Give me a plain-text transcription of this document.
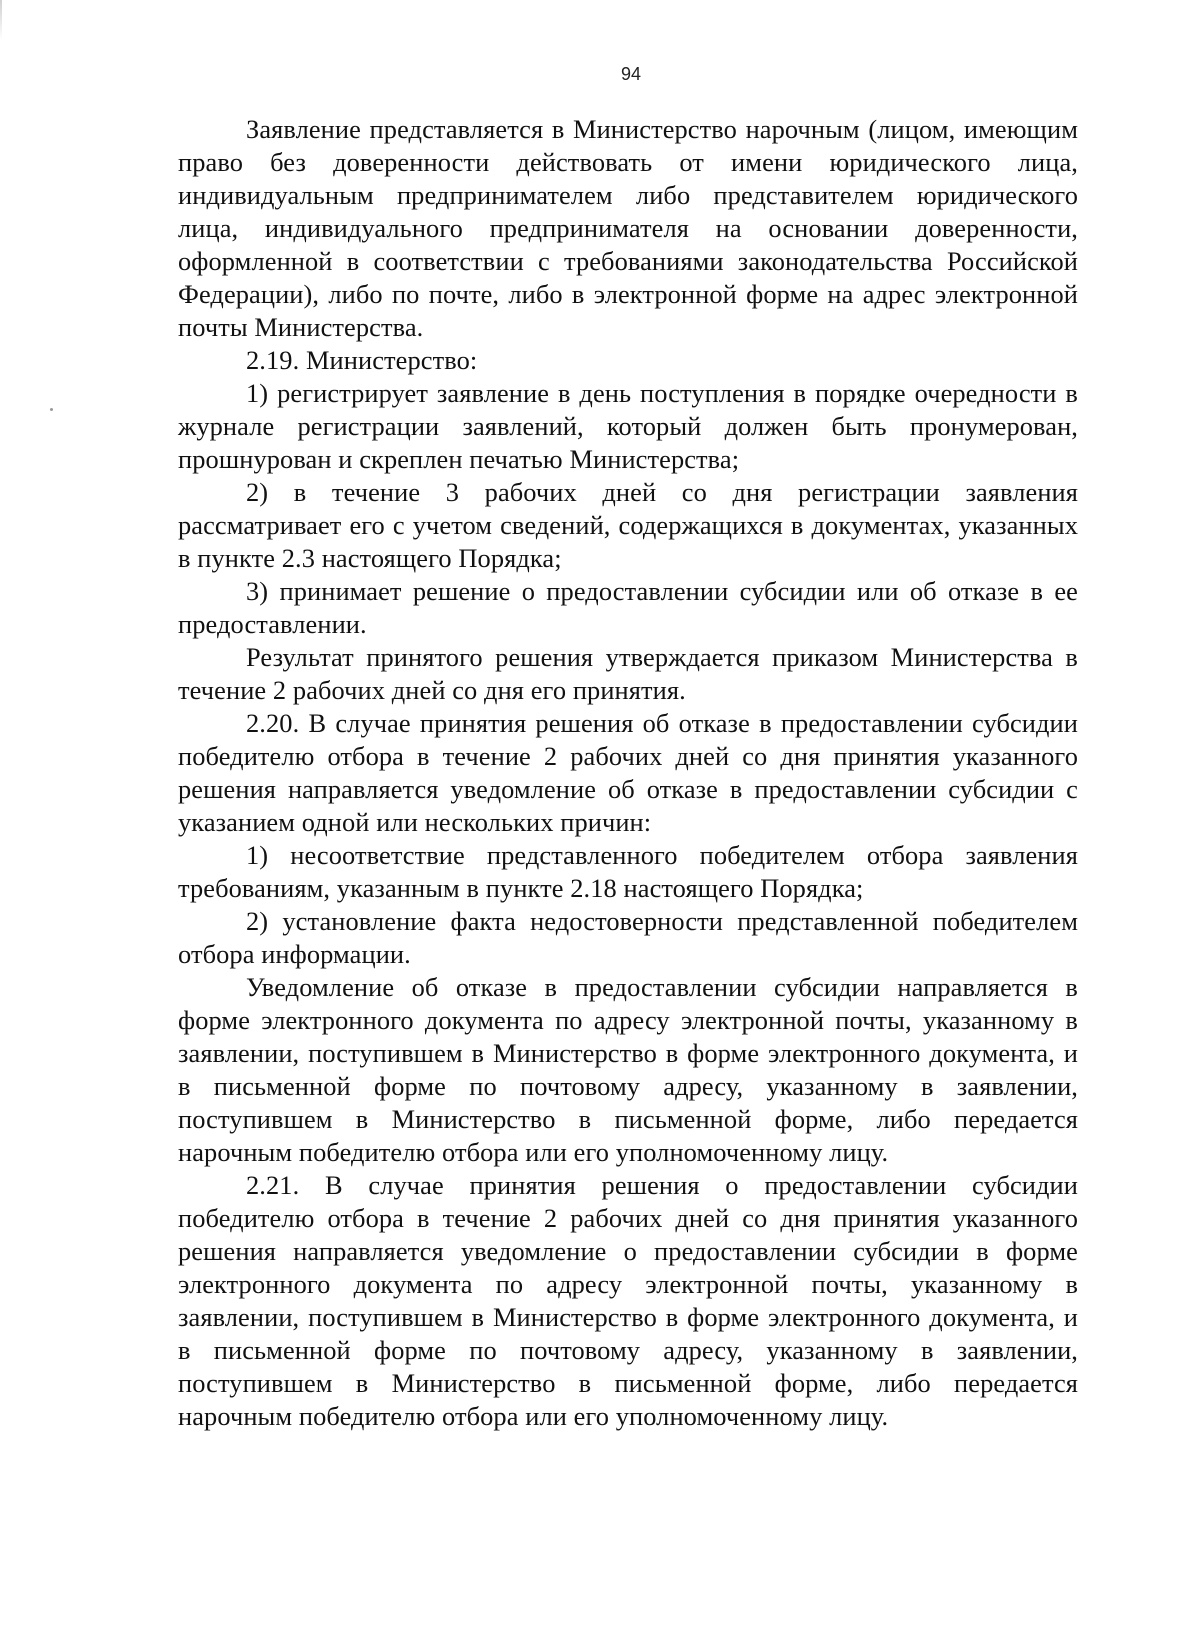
94

Заявление представляется в Министерство нарочным (лицом, имеющим право без доверенности действовать от имени юридического лица, индивидуальным предпринимателем либо представителем юридического лица, индивидуального предпринимателя на основании доверенности, оформленной в соответствии с требованиями законодательства Российской Федерации), либо по почте, либо в электронной форме на адрес электронной почты Министерства.

2.19. Министерство:

1) регистрирует заявление в день поступления в порядке очередности в журнале регистрации заявлений, который должен быть пронумерован, прошнурован и скреплен печатью Министерства;

2) в течение 3 рабочих дней со дня регистрации заявления рассматривает его с учетом сведений, содержащихся в документах, указанных в пункте 2.3 настоящего Порядка;

3) принимает решение о предоставлении субсидии или об отказе в ее предоставлении.

Результат принятого решения утверждается приказом Министерства в течение 2 рабочих дней со дня его принятия.

2.20. В случае принятия решения об отказе в предоставлении субсидии победителю отбора в течение 2 рабочих дней со дня принятия указанного решения направляется уведомление об отказе в предоставлении субсидии с указанием одной или нескольких причин:

1) несоответствие представленного победителем отбора заявления требованиям, указанным в пункте 2.18 настоящего Порядка;

2) установление факта недостоверности представленной победителем отбора информации.

Уведомление об отказе в предоставлении субсидии направляется в форме электронного документа по адресу электронной почты, указанному в заявлении, поступившем в Министерство в форме электронного документа, и в письменной форме по почтовому адресу, указанному в заявлении, поступившем в Министерство в письменной форме, либо передается нарочным победителю отбора или его уполномоченному лицу.

2.21. В случае принятия решения о предоставлении субсидии победителю отбора в течение 2 рабочих дней со дня принятия указанного решения направляется уведомление о предоставлении субсидии в форме электронного документа по адресу электронной почты, указанному в заявлении, поступившем в Министерство в форме электронного документа, и в письменной форме по почтовому адресу, указанному в заявлении, поступившем в Министерство в письменной форме, либо передается нарочным победителю отбора или его уполномоченному лицу.
